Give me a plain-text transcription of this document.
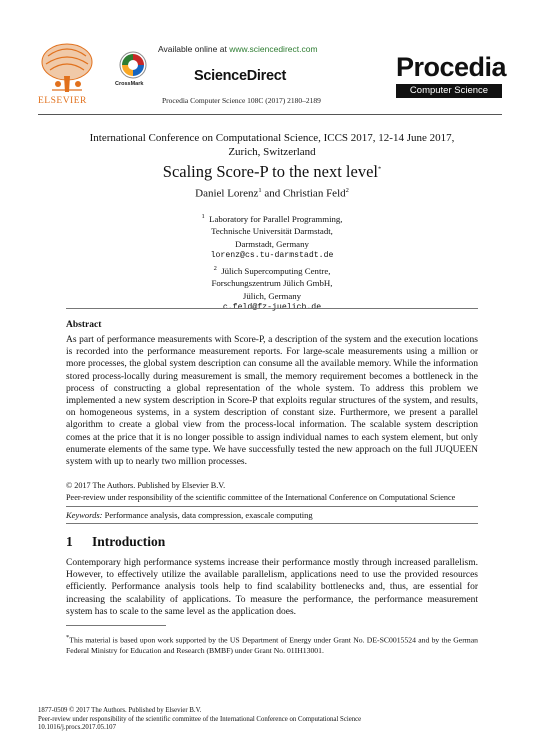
ELSEVIER
Available online at www.sciencedirect.com
CrossMark	ScienceDirect
Procedia Computer Science 108C (2017) 2180–2189
Procedia
Computer Science
International Conference on Computational Science, ICCS 2017, 12-14 June 2017,
Zurich, Switzerland
Scaling Score-P to the next level*
Daniel Lorenz$^1$ and Christian Feld$^2$
$^1$ Laboratory for Parallel Programming,
Technische Universität Darmstadt,
Darmstadt, Germany
lorenz@cs.tu-darmstadt.de
$^2$ Jülich Supercomputing Centre,
Forschungszentrum Jülich GmbH,
Jülich, Germany
c.feld@fz-juelich.de
Abstract
As part of performance measurements with Score-P, a description of the system and the execution locations is recorded into the performance measurement reports. For large-scale measurements using a million or more processes, the global system description can consume all the available memory. While the information stored process-locally during measurement is small, the memory requirement becomes a bottleneck in the process of constructing a global representation of the whole system. To address this problem we implemented a new system description in Score-P that exploits regular structures of the system, and results, on homogeneous systems, in a system description of constant size. Furthermore, we present a parallel algorithm to create a global view from the process-local information. The scalable system description comes at the price that it is no longer possible to assign individual names to each system element, but only enumerate elements of the same type. We have successfully tested the new approach on the full JUQUEEN system with up to nearly two million processes.
© 2017 The Authors. Published by Elsevier B.V.
Peer-review under responsibility of the scientific committee of the International Conference on Computational Science
Keywords: Performance analysis, data compression, exascale computing
1 Introduction
Contemporary high performance systems increase their performance mostly through increased parallelism. However, to effectively utilize the available parallelism, applications need to use the provided resources efficiently. Performance analysis tools help to find scalability bottlenecks and, thus, are essential for increasing the scalability of applications. To measure the performance, the performance measurement system has to scale to the same level as the application does.
*This material is based upon work supported by the US Department of Energy under Grant No. DE-SC0015524 and by the German Federal Ministry for Education and Research (BMBF) under Grant No. 01IH13001.
1877-0509 © 2017 The Authors. Published by Elsevier B.V.
Peer-review under responsibility of the scientific committee of the International Conference on Computational Science
10.1016/j.procs.2017.05.107
